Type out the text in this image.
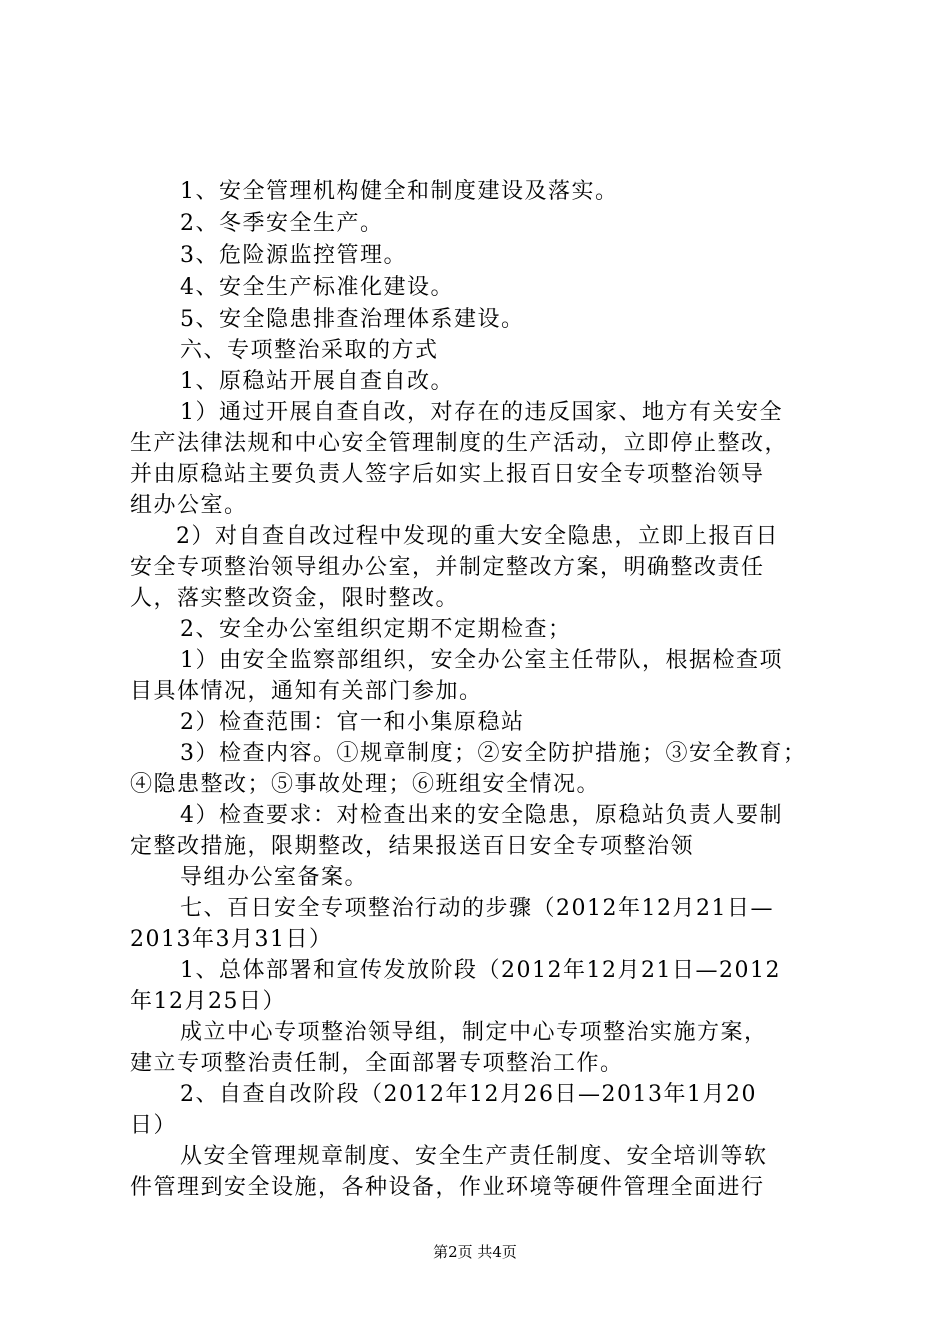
1、安全管理机构健全和制度建设及落实。
2、冬季安全生产。
3、危险源监控管理。
4、安全生产标准化建设。
5、安全隐患排查治理体系建设。
六、专项整治采取的方式
1、原稳站开展自查自改。
1）通过开展自查自改，对存在的违反国家、地方有关安全
生产法律法规和中心安全管理制度的生产活动，立即停止整改，
并由原稳站主要负责人签字后如实上报百日安全专项整治领导
组办公室。
2）对自查自改过程中发现的重大安全隐患，立即上报百日
安全专项整治领导组办公室，并制定整改方案，明确整改责任
人，落实整改资金，限时整改。
2、安全办公室组织定期不定期检查；
1）由安全监察部组织，安全办公室主任带队，根据检查项
目具体情况，通知有关部门参加。
2）检查范围：官一和小集原稳站
3）检查内容。①规章制度；②安全防护措施；③安全教育；
④隐患整改；⑤事故处理；⑥班组安全情况。
4）检查要求：对检查出来的安全隐患，原稳站负责人要制
定整改措施，限期整改，结果报送百日安全专项整治领
导组办公室备案。
七、百日安全专项整治行动的步骤（2012年12月21日—
2013年3月31日）
1、总体部署和宣传发放阶段（2012年12月21日—2012
年12月25日）
成立中心专项整治领导组，制定中心专项整治实施方案，
建立专项整治责任制，全面部署专项整治工作。
2、自查自改阶段（2012年12月26日—2013年1月20
日）
从安全管理规章制度、安全生产责任制度、安全培训等软
件管理到安全设施，各种设备，作业环境等硬件管理全面进行
第2页 共4页
